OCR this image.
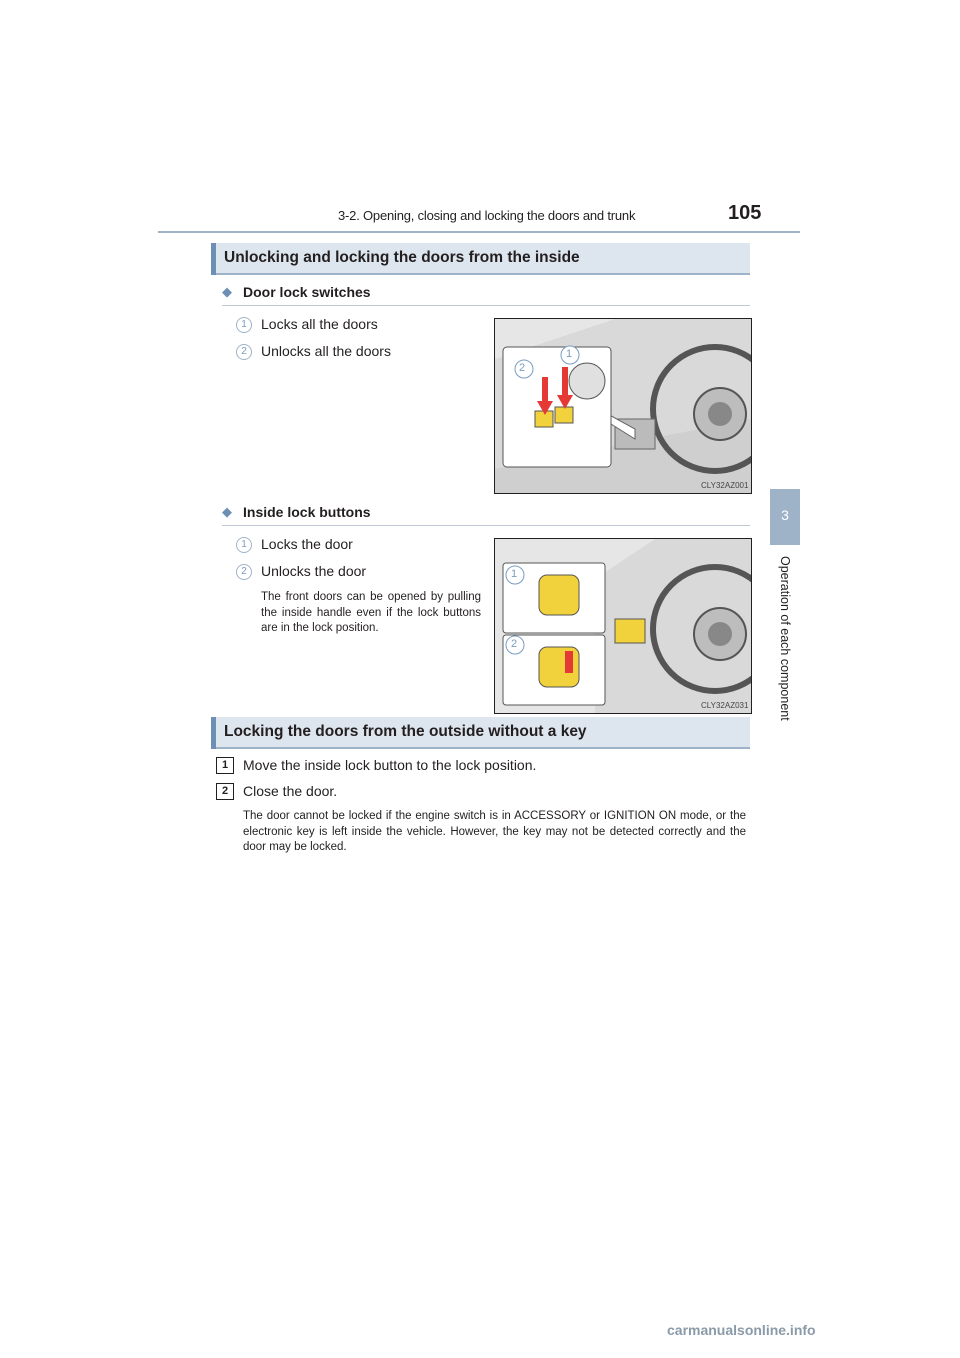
3-2. Opening, closing and locking the doors and trunk	105
3
Operation of each component
Unlocking and locking the doors from the inside
◆ Door lock switches
1	Locks all the doors
2	Unlocks all the doors
2
1
CLY32AZ001
◆ Inside lock buttons
1	Locks the door
2	Unlocks the door
The front doors can be opened by pulling the inside handle even if the lock buttons are in the lock position.
1
2
CLY32AZ031
Locking the doors from the outside without a key
1	Move the inside lock button to the lock position.
2	Close the door.
The door cannot be locked if the engine switch is in ACCESSORY or IGNITION ON mode, or the electronic key is left inside the vehicle. However, the key may not be detected correctly and the door may be locked.
carmanualsonline.info
